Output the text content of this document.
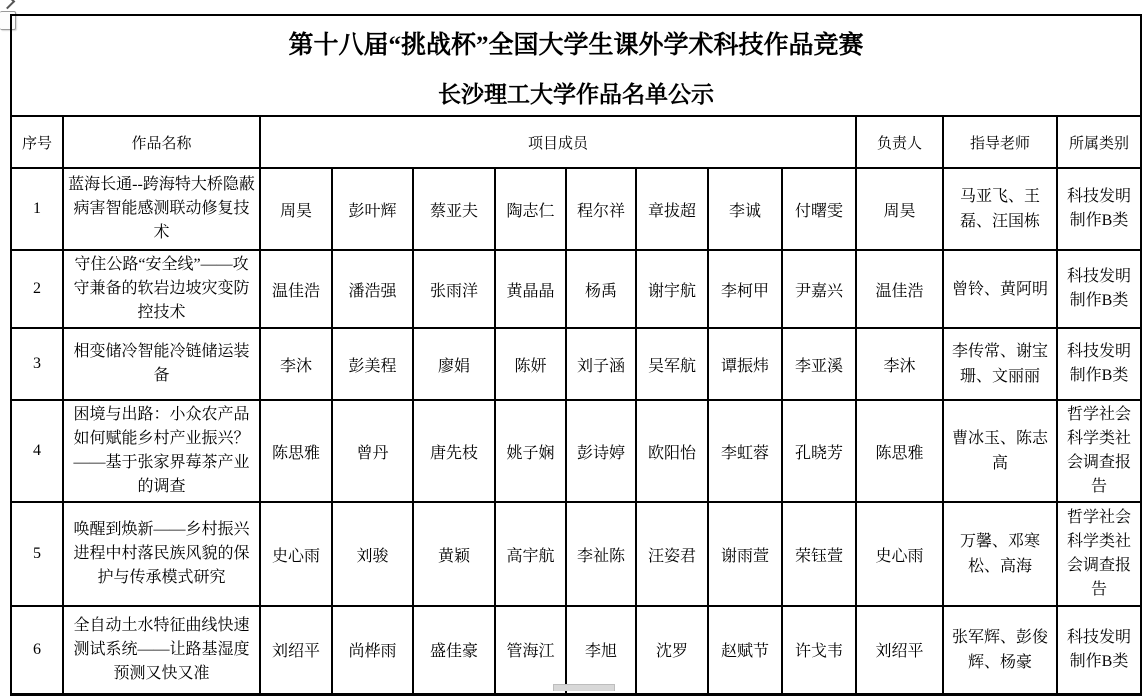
第十八届“挑战杯”全国大学生课外学术科技作品竞赛
长沙理工大学作品名单公示												

序号	作品名称	项目成员								负责人	指导老师	所属类别
1	蓝海长通--跨海特大桥隐蔽病害智能感测联动修复技术	周昊	彭叶辉	蔡亚夫	陶志仁	程尔祥	章拔超	李诚	付曙雯	周昊	马亚飞、王磊、汪国栋	科技发明制作B类
2	守住公路“安全线”——攻守兼备的软岩边坡灾变防控技术	温佳浩	潘浩强	张雨洋	黄晶晶	杨禹	谢宇航	李柯甲	尹嘉兴	温佳浩	曾铃、黄阿明	科技发明制作B类
3	相变储冷智能冷链储运装备	李沐	彭美程	廖娟	陈妍	刘子涵	吴军航	谭振炜	李亚溪	李沐	李传常、谢宝珊、文丽丽	科技发明制作B类
4	困境与出路：小众农产品如何赋能乡村产业振兴？——基于张家界莓茶产业的调查	陈思雅	曾丹	唐先枝	姚子娴	彭诗婷	欧阳怡	李虹蓉	孔晓芳	陈思雅	曹冰玉、陈志高	哲学社会科学类社会调查报告
5	唤醒到焕新——乡村振兴进程中村落民族风貌的保护与传承模式研究	史心雨	刘骏	黄颖	高宇航	李祉陈	汪姿君	谢雨萱	荣钰萱	史心雨	万馨、邓寒松、高海	哲学社会科学类社会调查报告
6	全自动土水特征曲线快速测试系统——让路基湿度预测又快又准	刘绍平	尚桦雨	盛佳豪	管海江	李旭	沈罗	赵赋节	许戈韦	刘绍平	张军辉、彭俊辉、杨豪	科技发明制作B类
